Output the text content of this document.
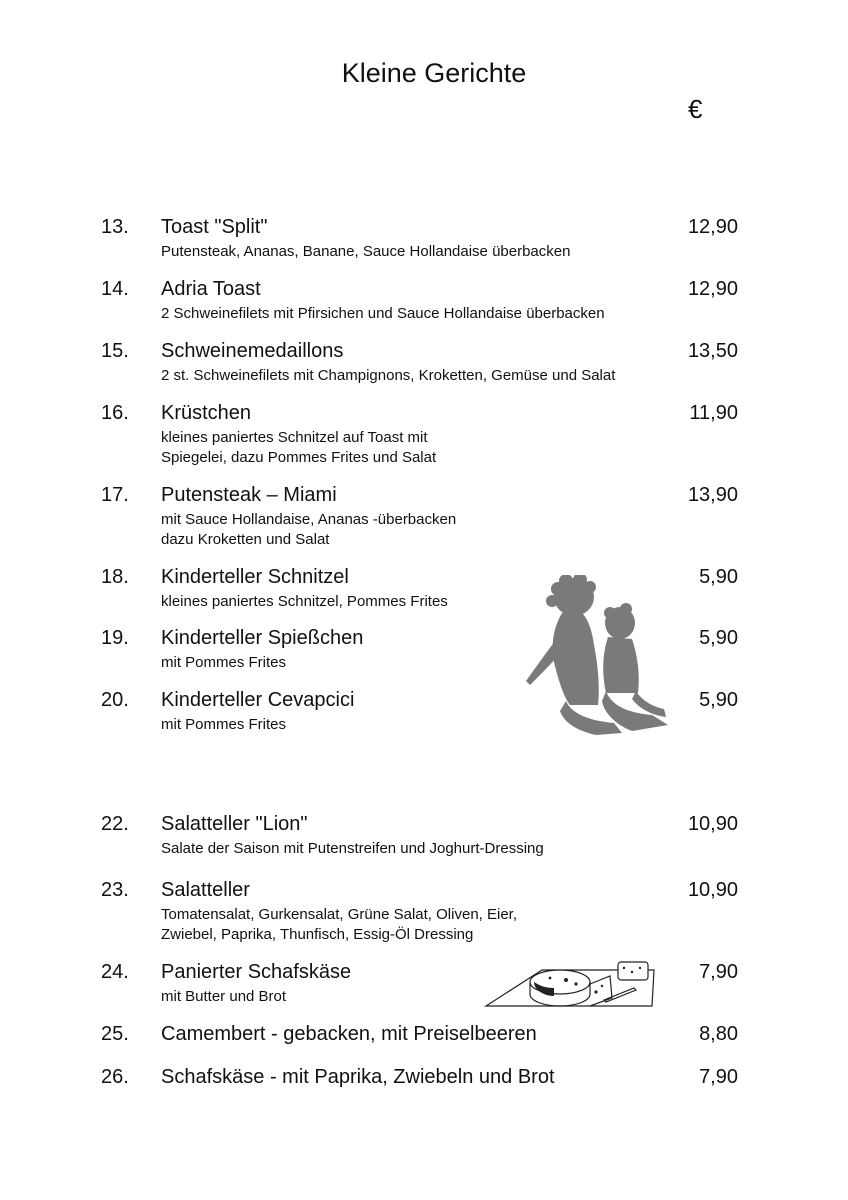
Kleine Gerichte
€
13. Toast "Split"	12,90
Putensteak, Ananas, Banane, Sauce Hollandaise überbacken
14. Adria Toast	12,90
2 Schweinefilets mit Pfirsichen und Sauce Hollandaise überbacken
15. Schweinemedaillons	13,50
2 st. Schweinefilets mit Champignons, Kroketten, Gemüse und Salat
16. Krüstchen	11,90
kleines paniertes Schnitzel auf Toast mit
Spiegelei, dazu Pommes Frites und Salat
17. Putensteak – Miami	13,90
mit Sauce Hollandaise, Ananas -überbacken
dazu Kroketten und Salat
18. Kinderteller Schnitzel	5,90
kleines paniertes Schnitzel, Pommes Frites
19. Kinderteller Spießchen	5,90
mit Pommes Frites
20. Kinderteller Cevapcici	5,90
mit Pommes Frites
22. Salatteller "Lion"	10,90
Salate der Saison mit Putenstreifen und Joghurt-Dressing
23. Salatteller	10,90
Tomatensalat, Gurkensalat, Grüne Salat, Oliven, Eier,
Zwiebel, Paprika, Thunfisch, Essig-Öl Dressing
24. Panierter Schafskäse	7,90
mit Butter und Brot
25. Camembert - gebacken, mit Preiselbeeren	8,80
26. Schafskäse - mit Paprika, Zwiebeln und Brot	7,90
